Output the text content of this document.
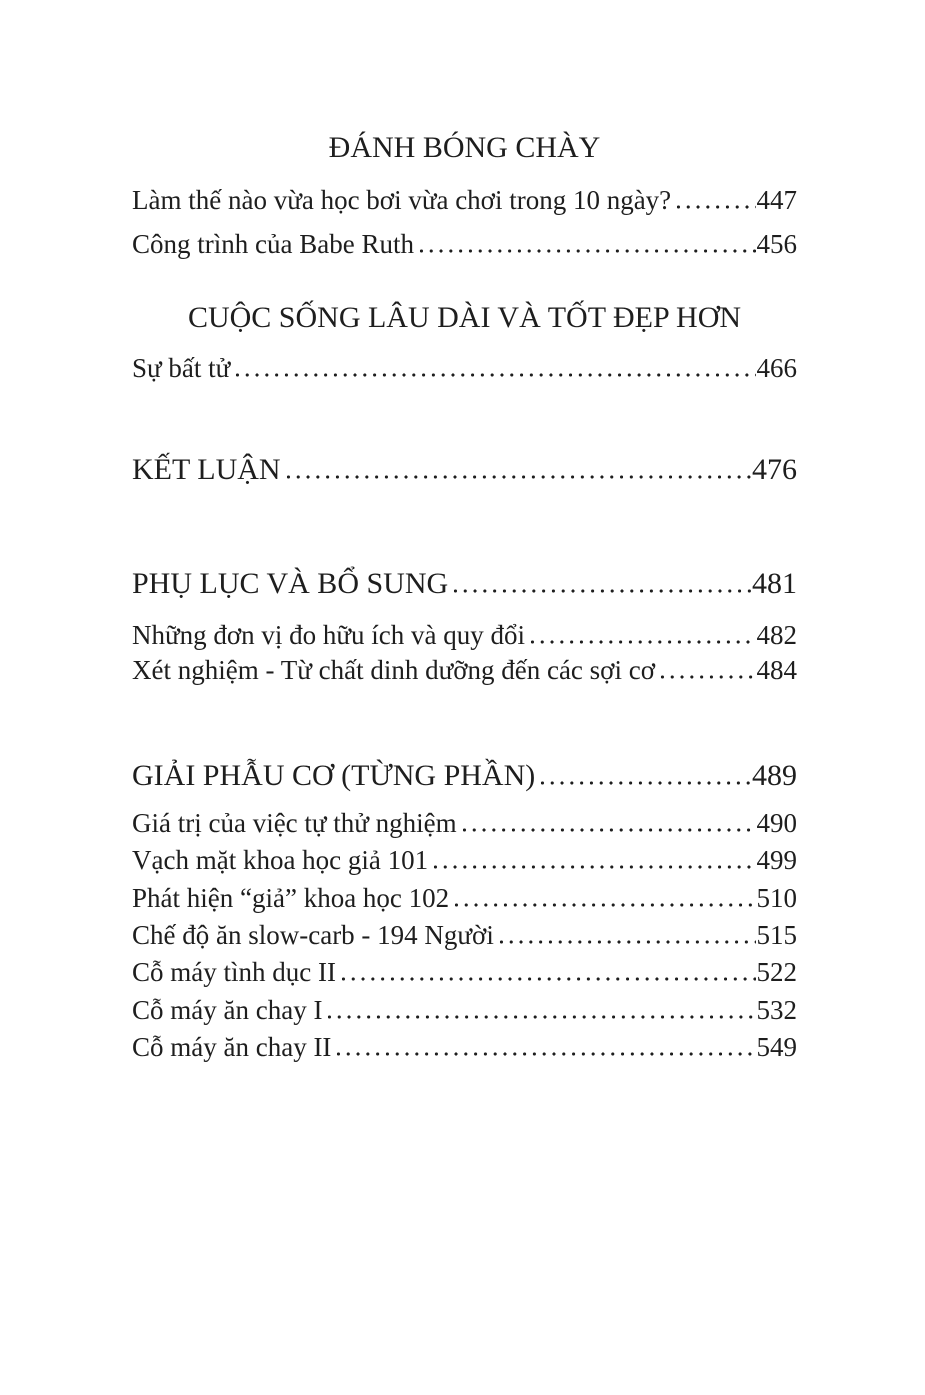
ĐÁNH BÓNG CHÀY
Làm thế nào vừa học bơi vừa chơi trong 10 ngày?	447
Công trình của Babe Ruth	456
CUỘC SỐNG LÂU DÀI VÀ TỐT ĐẸP HƠN
Sự bất tử	466
KẾT LUẬN	476
PHỤ LỤC VÀ BỔ SUNG	481
Những đơn vị đo hữu ích và quy đổi	482
Xét nghiệm - Từ chất dinh dưỡng đến các sợi cơ	484
GIẢI PHẪU CƠ (TỪNG PHẦN)	489
Giá trị của việc tự thử nghiệm	490
Vạch mặt khoa học giả 101	499
Phát hiện “giả” khoa học 102	510
Chế độ ăn slow-carb - 194 Người	515
Cỗ máy tình dục II	522
Cỗ máy ăn chay I	532
Cỗ máy ăn chay II	549
